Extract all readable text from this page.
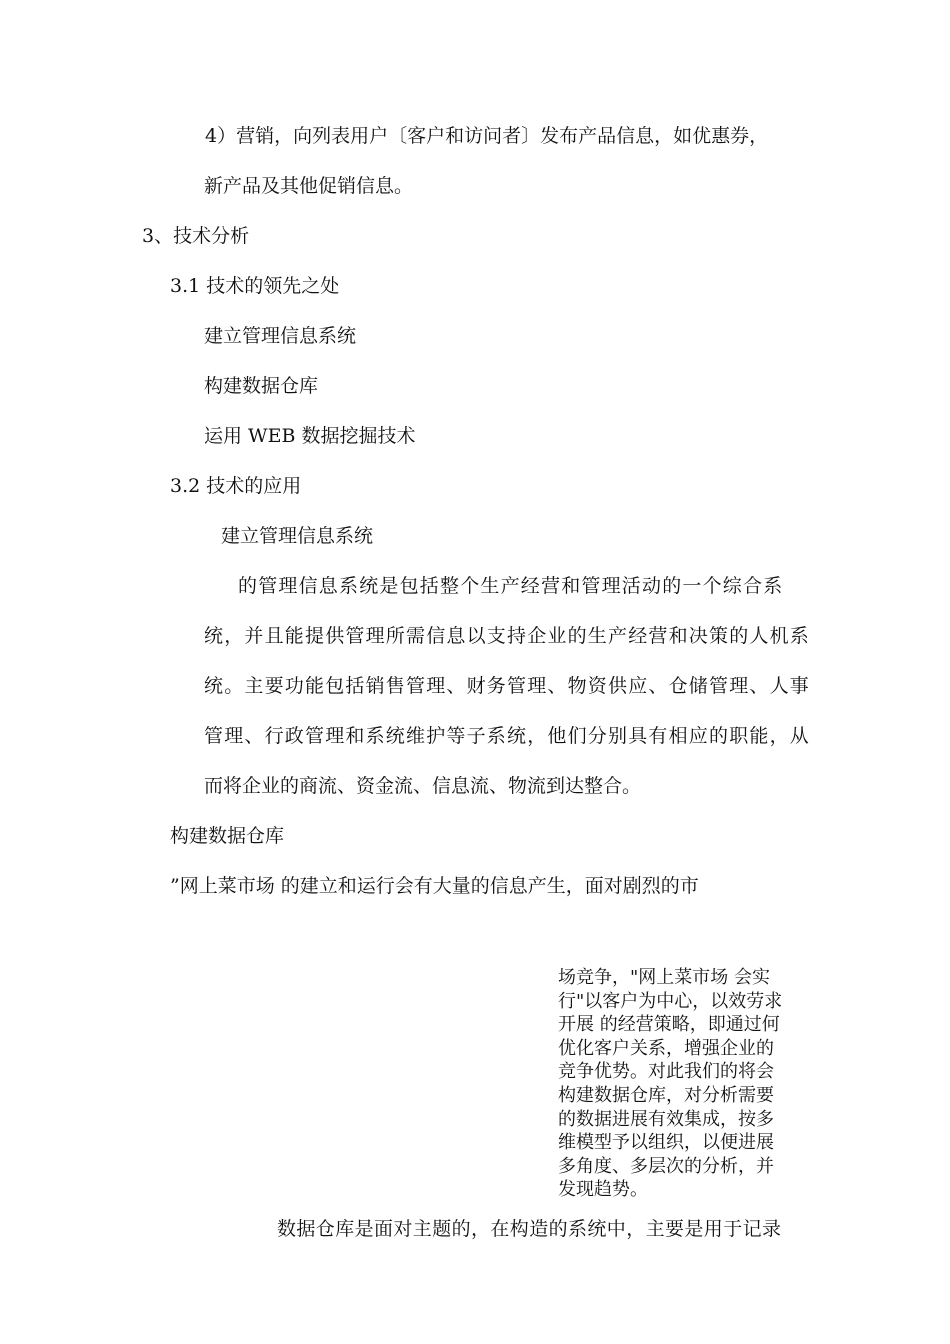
4）营销，向列表用户〔客户和访问者〕发布产品信息，如优惠券，
新产品及其他促销信息。
3、技术分析
3.1 技术的领先之处
建立管理信息系统
构建数据仓库
运用 WEB 数据挖掘技术
3.2 技术的应用
建立管理信息系统
的管理信息系统是包括整个生产经营和管理活动的一个综合系
统，并且能提供管理所需信息以支持企业的生产经营和决策的人机系
统。主要功能包括销售管理、财务管理、物资供应、仓储管理、人事
管理、行政管理和系统维护等子系统，他们分别具有相应的职能，从
而将企业的商流、资金流、信息流、物流到达整合。
构建数据仓库
”网上菜市场 的建立和运行会有大量的信息产生，面对剧烈的市
场竞争，"网上菜市场 会实
行"以客户为中心，以效劳求
开展 的经营策略，即通过何
优化客户关系，增强企业的
竞争优势。对此我们的将会
构建数据仓库，对分析需要
的数据进展有效集成，按多
维模型予以组织，以便进展
多角度、多层次的分析，并
发现趋势。
数据仓库是面对主题的，在构造的系统中，主要是用于记录
